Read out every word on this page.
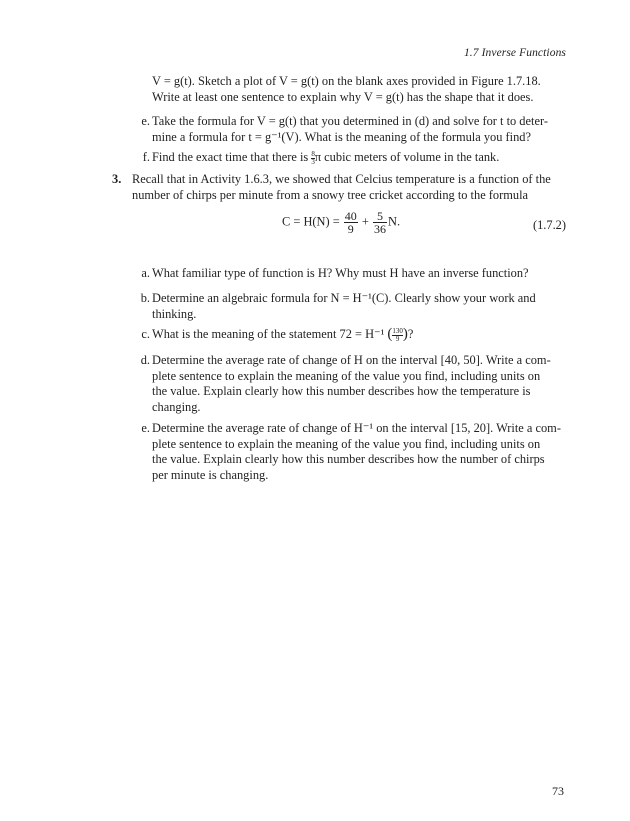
1.7 Inverse Functions
V = g(t). Sketch a plot of V = g(t) on the blank axes provided in Figure 1.7.18.
Write at least one sentence to explain why V = g(t) has the shape that it does.
e. Take the formula for V = g(t) that you determined in (d) and solve for t to deter-
mine a formula for t = g⁻¹(V). What is the meaning of the formula you find?
f. Find the exact time that there is $\frac{8}{3}$ π cubic meters of volume in the tank.
3. Recall that in Activity 1.6.3, we showed that Celcius temperature is a function of the
number of chirps per minute from a snowy tree cricket according to the formula
$C = H(N) = \frac{40}{9} + \frac{5}{36} N$.	(1.7.2)
a. What familiar type of function is H? Why must H have an inverse function?
b. Determine an algebraic formula for N = H⁻¹(C). Clearly show your work and
thinking.
c. What is the meaning of the statement 72 = H⁻¹ ( $\frac{130}{9}$ )?
d. Determine the average rate of change of H on the interval [40, 50]. Write a com-
plete sentence to explain the meaning of the value you find, including units on
the value. Explain clearly how this number describes how the temperature is
changing.
e. Determine the average rate of change of H⁻¹ on the interval [15, 20]. Write a com-
plete sentence to explain the meaning of the value you find, including units on
the value. Explain clearly how this number describes how the number of chirps
per minute is changing.
73
